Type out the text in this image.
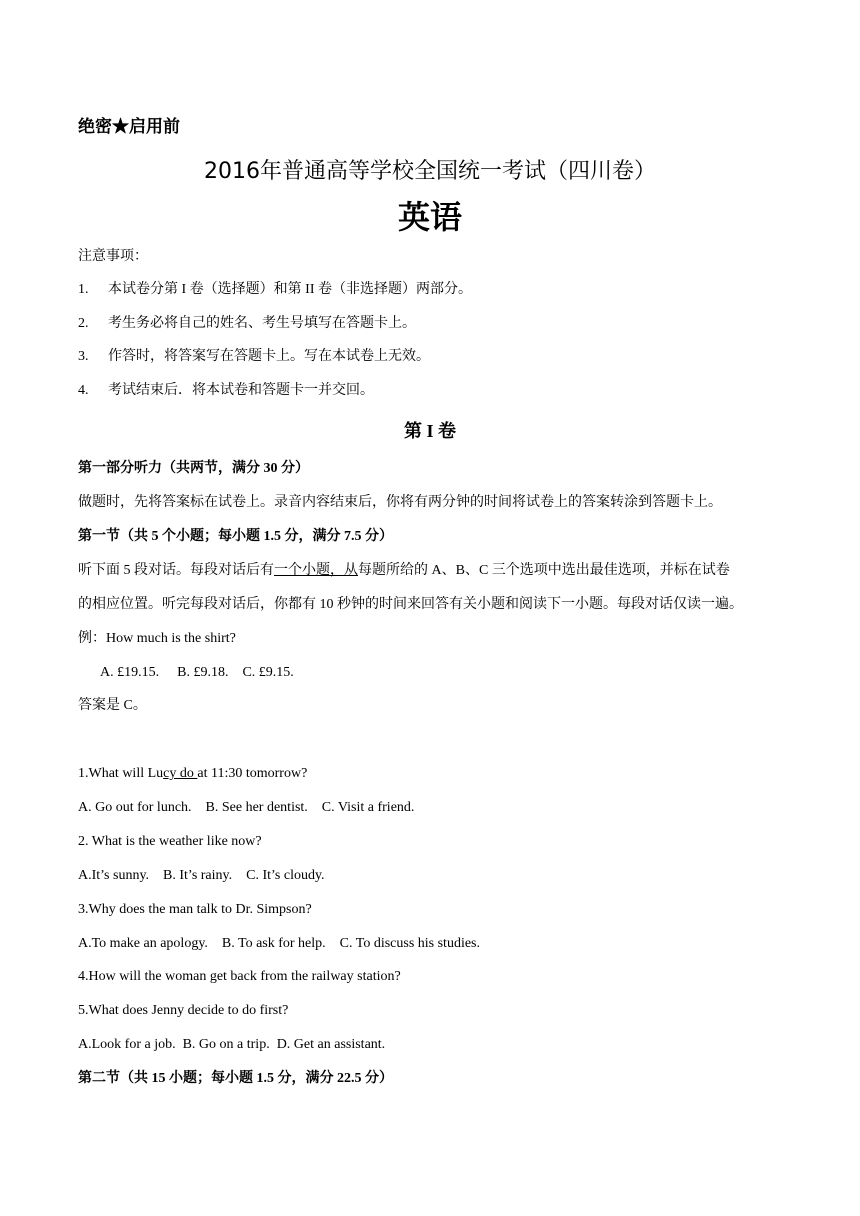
绝密★启用前
2016年普通高等学校全国统一考试（四川卷）
英语
注意事项：
1. 本试卷分第 I 卷（选择题）和第 II 卷（非选择题）两部分。
2. 考生务必将自己的姓名、考生号填写在答题卡上。
3. 作答时，将答案写在答题卡上。写在本试卷上无效。
4. 考试结束后．将本试卷和答题卡一并交回。
第 I 卷
第一部分听力（共两节，满分 30 分）
做题时，先将答案标在试卷上。录音内容结束后，你将有两分钟的时间将试卷上的答案转涂到答题卡上。
第一节（共 5 个小题；每小题 1.5 分，满分 7.5 分）
听下面 5 段对话。每段对话后有一个小题，从每题所给的 A、B、C 三个选项中选出最佳选项，并标在试卷
的相应位置。听完每段对话后，你都有 10 秒钟的时间来回答有关小题和阅读下一小题。每段对话仅读一遍。
例：How much is the shirt?
A. £19.15. B. £9.18. C. £9.15.
答案是 C。
1.What will Lucy do at 11:30 tomorrow?
A. Go out for lunch.    B. See her dentist.    C. Visit a friend.
2. What is the weather like now?
A.It’s sunny.    B. It’s rainy.    C. It’s cloudy.
3.Why does the man talk to Dr. Simpson?
A.To make an apology.    B. To ask for help.    C. To discuss his studies.
4.How will the woman get back from the railway station?
5.What does Jenny decide to do first?
A.Look for a job.  B. Go on a trip.  D. Get an assistant.
第二节（共 15 小题；每小题 1.5 分，满分 22.5 分）
